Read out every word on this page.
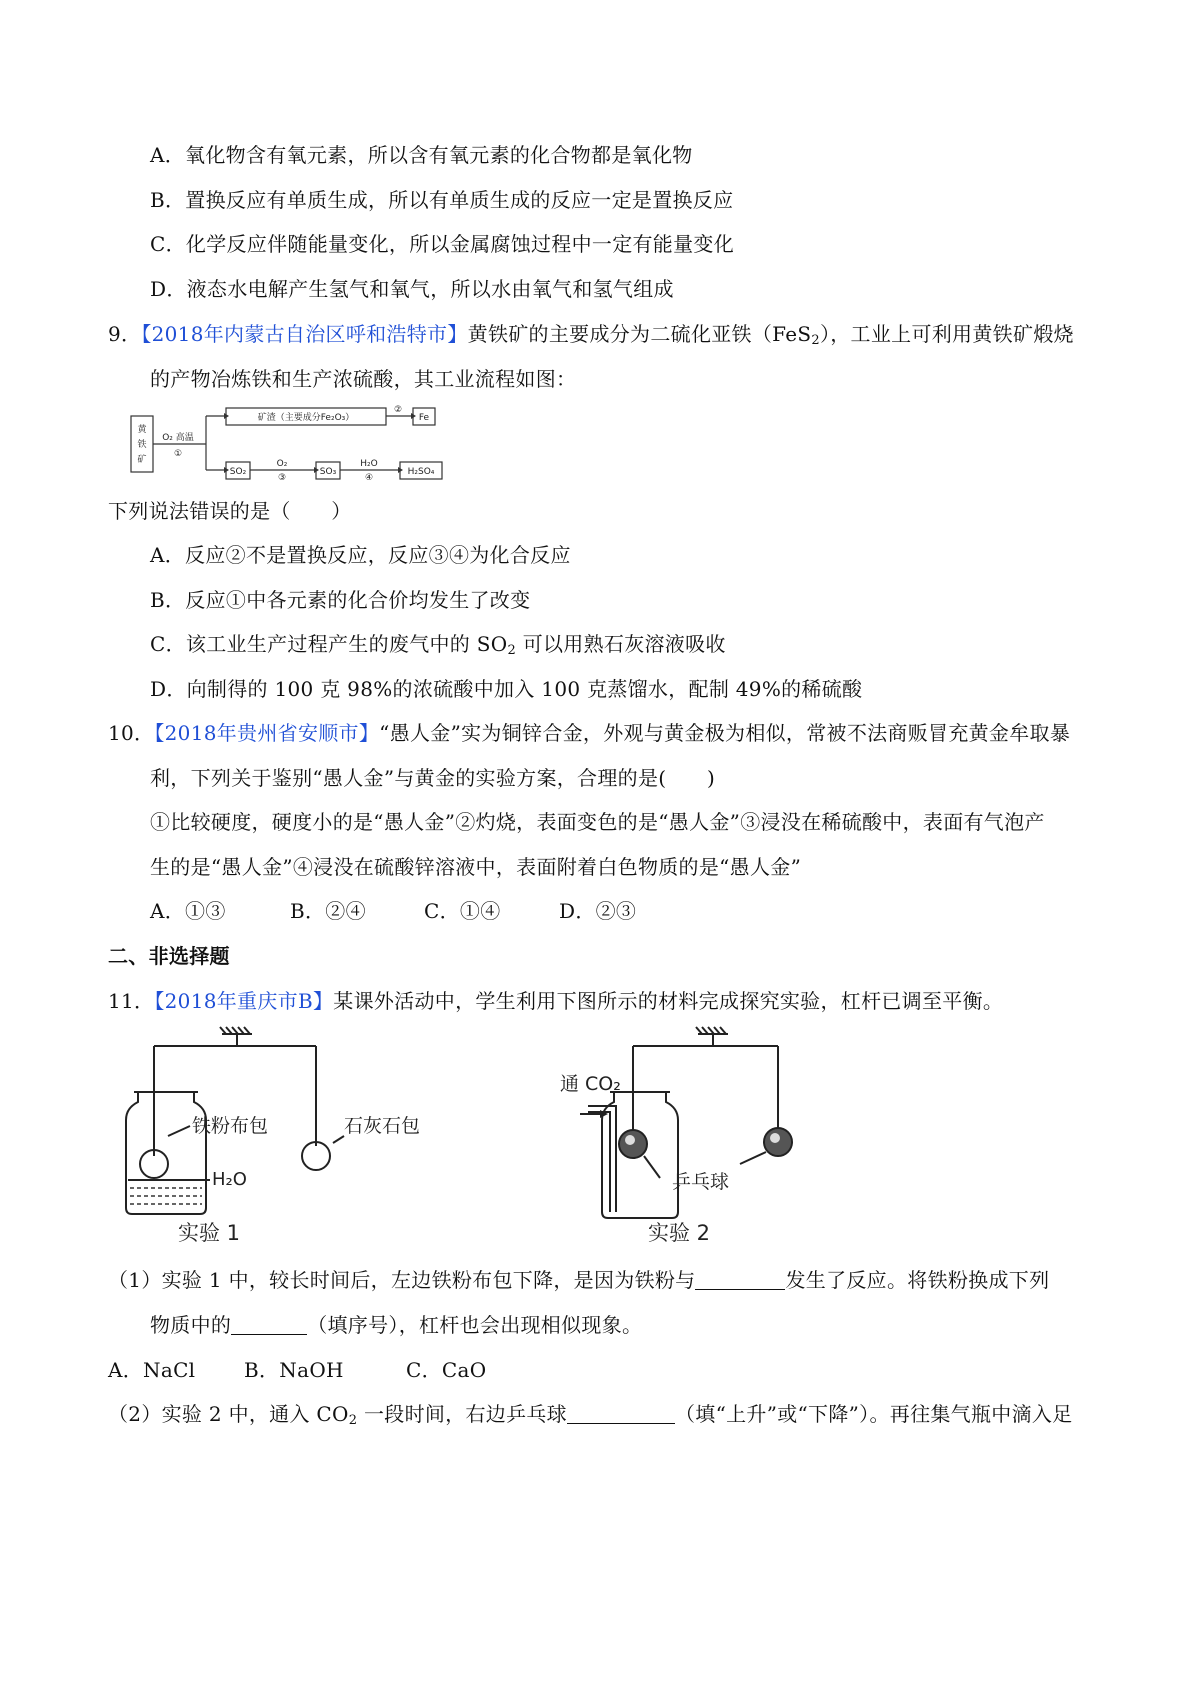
A．氧化物含有氧元素，所以含有氧元素的化合物都是氧化物
B．置换反应有单质生成，所以有单质生成的反应一定是置换反应
C．化学反应伴随能量变化，所以金属腐蚀过程中一定有能量变化
D．液态水电解产生氢气和氧气，所以水由氧气和氢气组成
9．【2018年内蒙古自治区呼和浩特市】黄铁矿的主要成分为二硫化亚铁（FeS$_2$），工业上可利用黄铁矿煅烧
的产物冶炼铁和生产浓硫酸，其工业流程如图：
黄
铁
矿
O₂ 高温
①
矿渣（主要成分Fe₂O₃）
②
Fe
SO₂
O₂
③
SO₃
H₂O
④
H₂SO₄
下列说法错误的是（　　）
A．反应②不是置换反应，反应③④为化合反应
B．反应①中各元素的化合价均发生了改变
C．该工业生产过程产生的废气中的 $SO_2$ 可以用熟石灰溶液吸收
D．向制得的 100 克 98%的浓硫酸中加入 100 克蒸馏水，配制 49%的稀硫酸
10．【2018年贵州省安顺市】“愚人金”实为铜锌合金，外观与黄金极为相似，常被不法商贩冒充黄金牟取暴
利，下列关于鉴别“愚人金”与黄金的实验方案，合理的是(　　)
①比较硬度，硬度小的是“愚人金”②灼烧，表面变色的是“愚人金”③浸没在稀硫酸中，表面有气泡产
生的是“愚人金”④浸没在硫酸锌溶液中，表面附着白色物质的是“愚人金”
A．①③	B．②④	C．①④	D．②③
二、非选择题
11．【2018年重庆市B】某课外活动中，学生利用下图所示的材料完成探究实验，杠杆已调至平衡。
铁粉布包	石灰石包
H₂O
实验 1
通 CO₂
乒乓球
实验 2
（1）实验 1 中，较长时间后，左边铁粉布包下降，是因为铁粉与	发生了反应。将铁粉换成下列
物质中的	（填序号），杠杆也会出现相似现象。
A．NaCl B．NaOH	C．CaO
（2）实验 2 中，通入 $CO_2$ 一段时间，右边乒乓球	（填“上升”或“下降”）。再往集气瓶中滴入足
